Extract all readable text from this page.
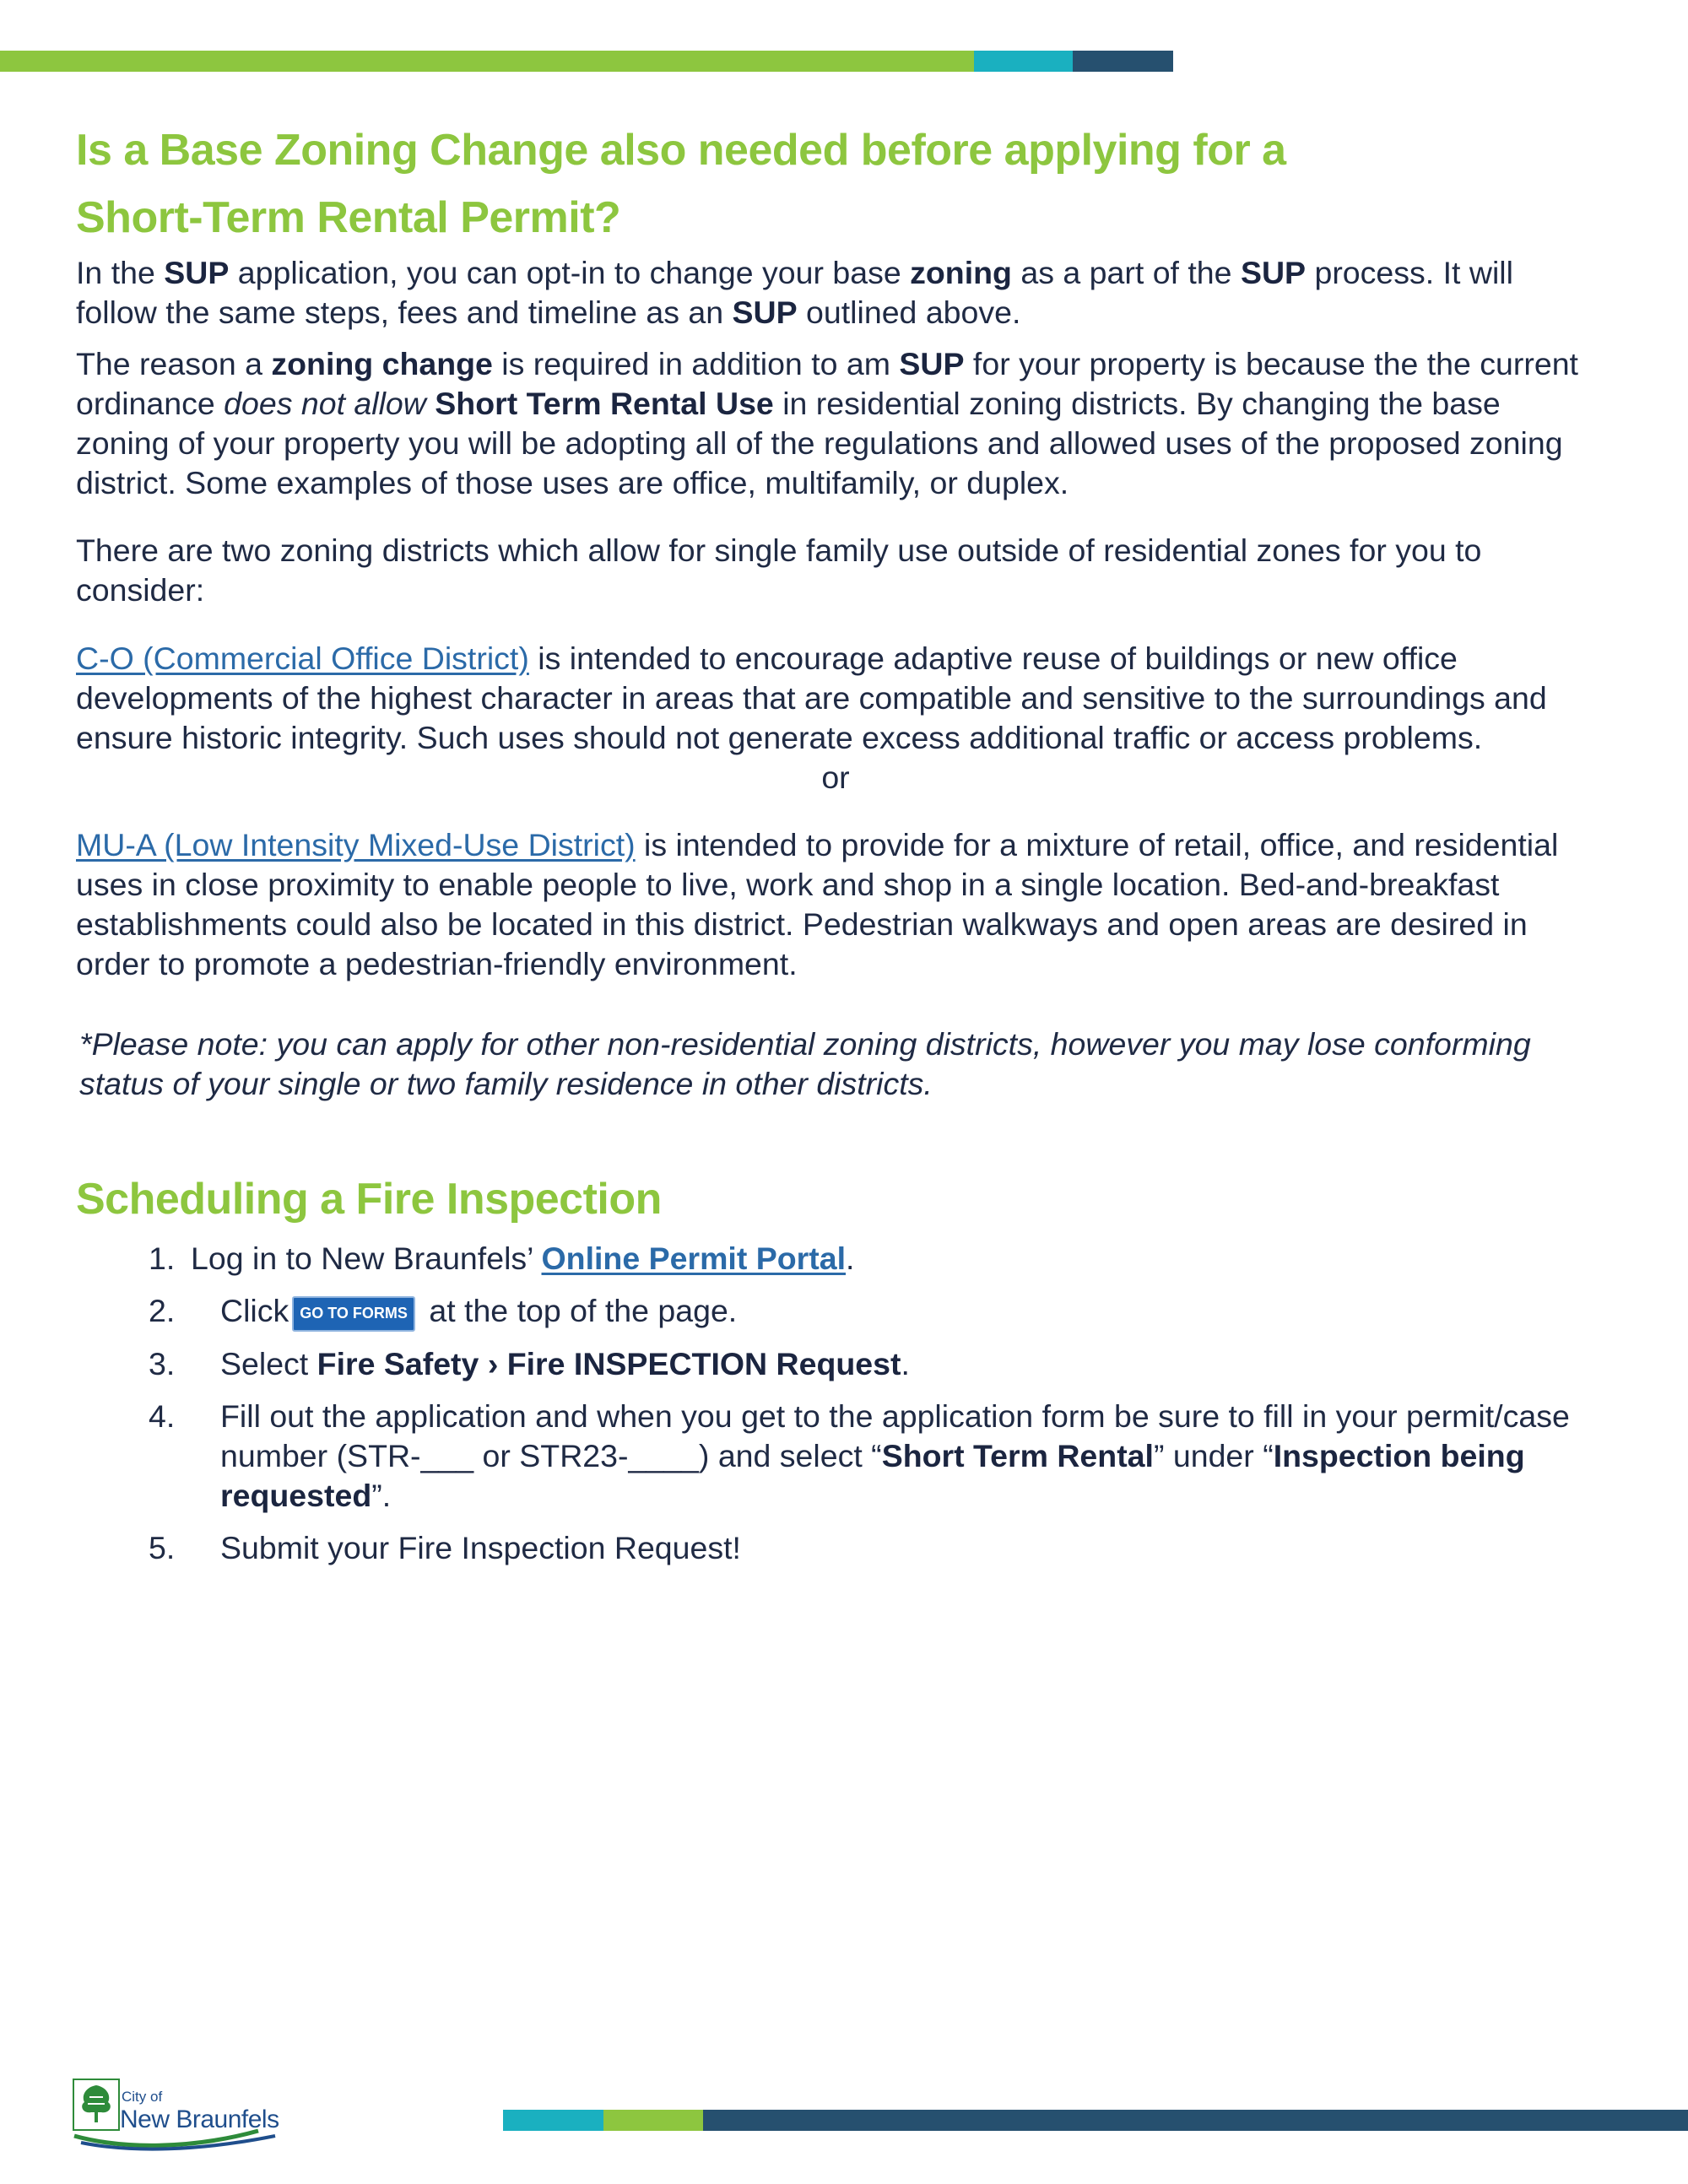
Is a Base Zoning Change also needed before applying for a
Short-Term Rental Permit?

In the SUP application, you can opt-in to change your base zoning as a part of the SUP process. It will follow the same steps, fees and timeline as an SUP outlined above.

The reason a zoning change is required in addition to am SUP for your property is because the the current ordinance does not allow Short Term Rental Use in residential zoning districts. By changing the base zoning of your property you will be adopting all of the regulations and allowed uses of the proposed zoning district. Some examples of those uses are office, multifamily, or duplex.

There are two zoning districts which allow for single family use outside of residential zones for you to consider:

C-O (Commercial Office District) is intended to encourage adaptive reuse of buildings or new office developments of the highest character in areas that are compatible and sensitive to the surroundings and ensure historic integrity. Such uses should not generate excess additional traffic or access problems.

or

MU-A (Low Intensity Mixed-Use District) is intended to provide for a mixture of retail, office, and residential uses in close proximity to enable people to live, work and shop in a single location. Bed-and-breakfast establishments could also be located in this district. Pedestrian walkways and open areas are desired in order to promote a pedestrian-friendly environment.

*Please note: you can apply for other non-residential zoning districts, however you may lose conforming status of your single or two family residence in other districts.

Scheduling a Fire Inspection
1. Log in to New Braunfels’ Online Permit Portal.
2.	Click GO TO FORMS at the top of the page.
3.	Select Fire Safety › Fire INSPECTION Request.
4.	Fill out the application and when you get to the application form be sure to fill in your permit/case number (STR-___ or STR23-____) and select “Short Term Rental” under “Inspection being requested”.
5.	Submit your Fire Inspection Request!
City of
New Braunfels
